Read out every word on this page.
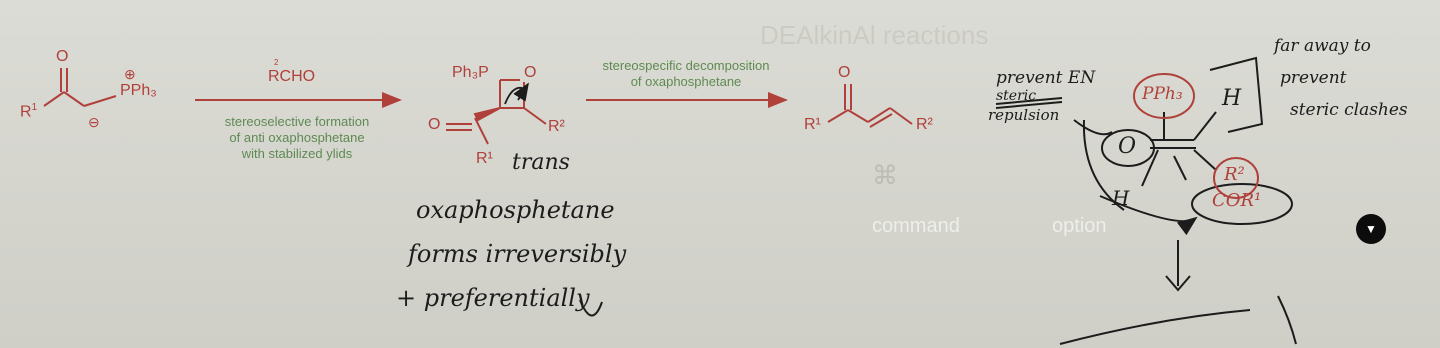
DEAlkinAl reactions
⌘
command	option
O
$R^1$
PPh₃
⊕
⊖
2
RCHO
stereoselective formation
of anti oxaphosphetane
with stabilized ylids
Ph₃P O
O	R²
R¹
stereospecific decomposition
of oxaphosphetane
O
R¹	R²
trans
oxaphosphetane
forms irreversibly
+ preferentially
prevent EN
steric
repulsion
far away to
prevent
steric clashes
PPh₃
O
H
H
R²
COR¹
▼
